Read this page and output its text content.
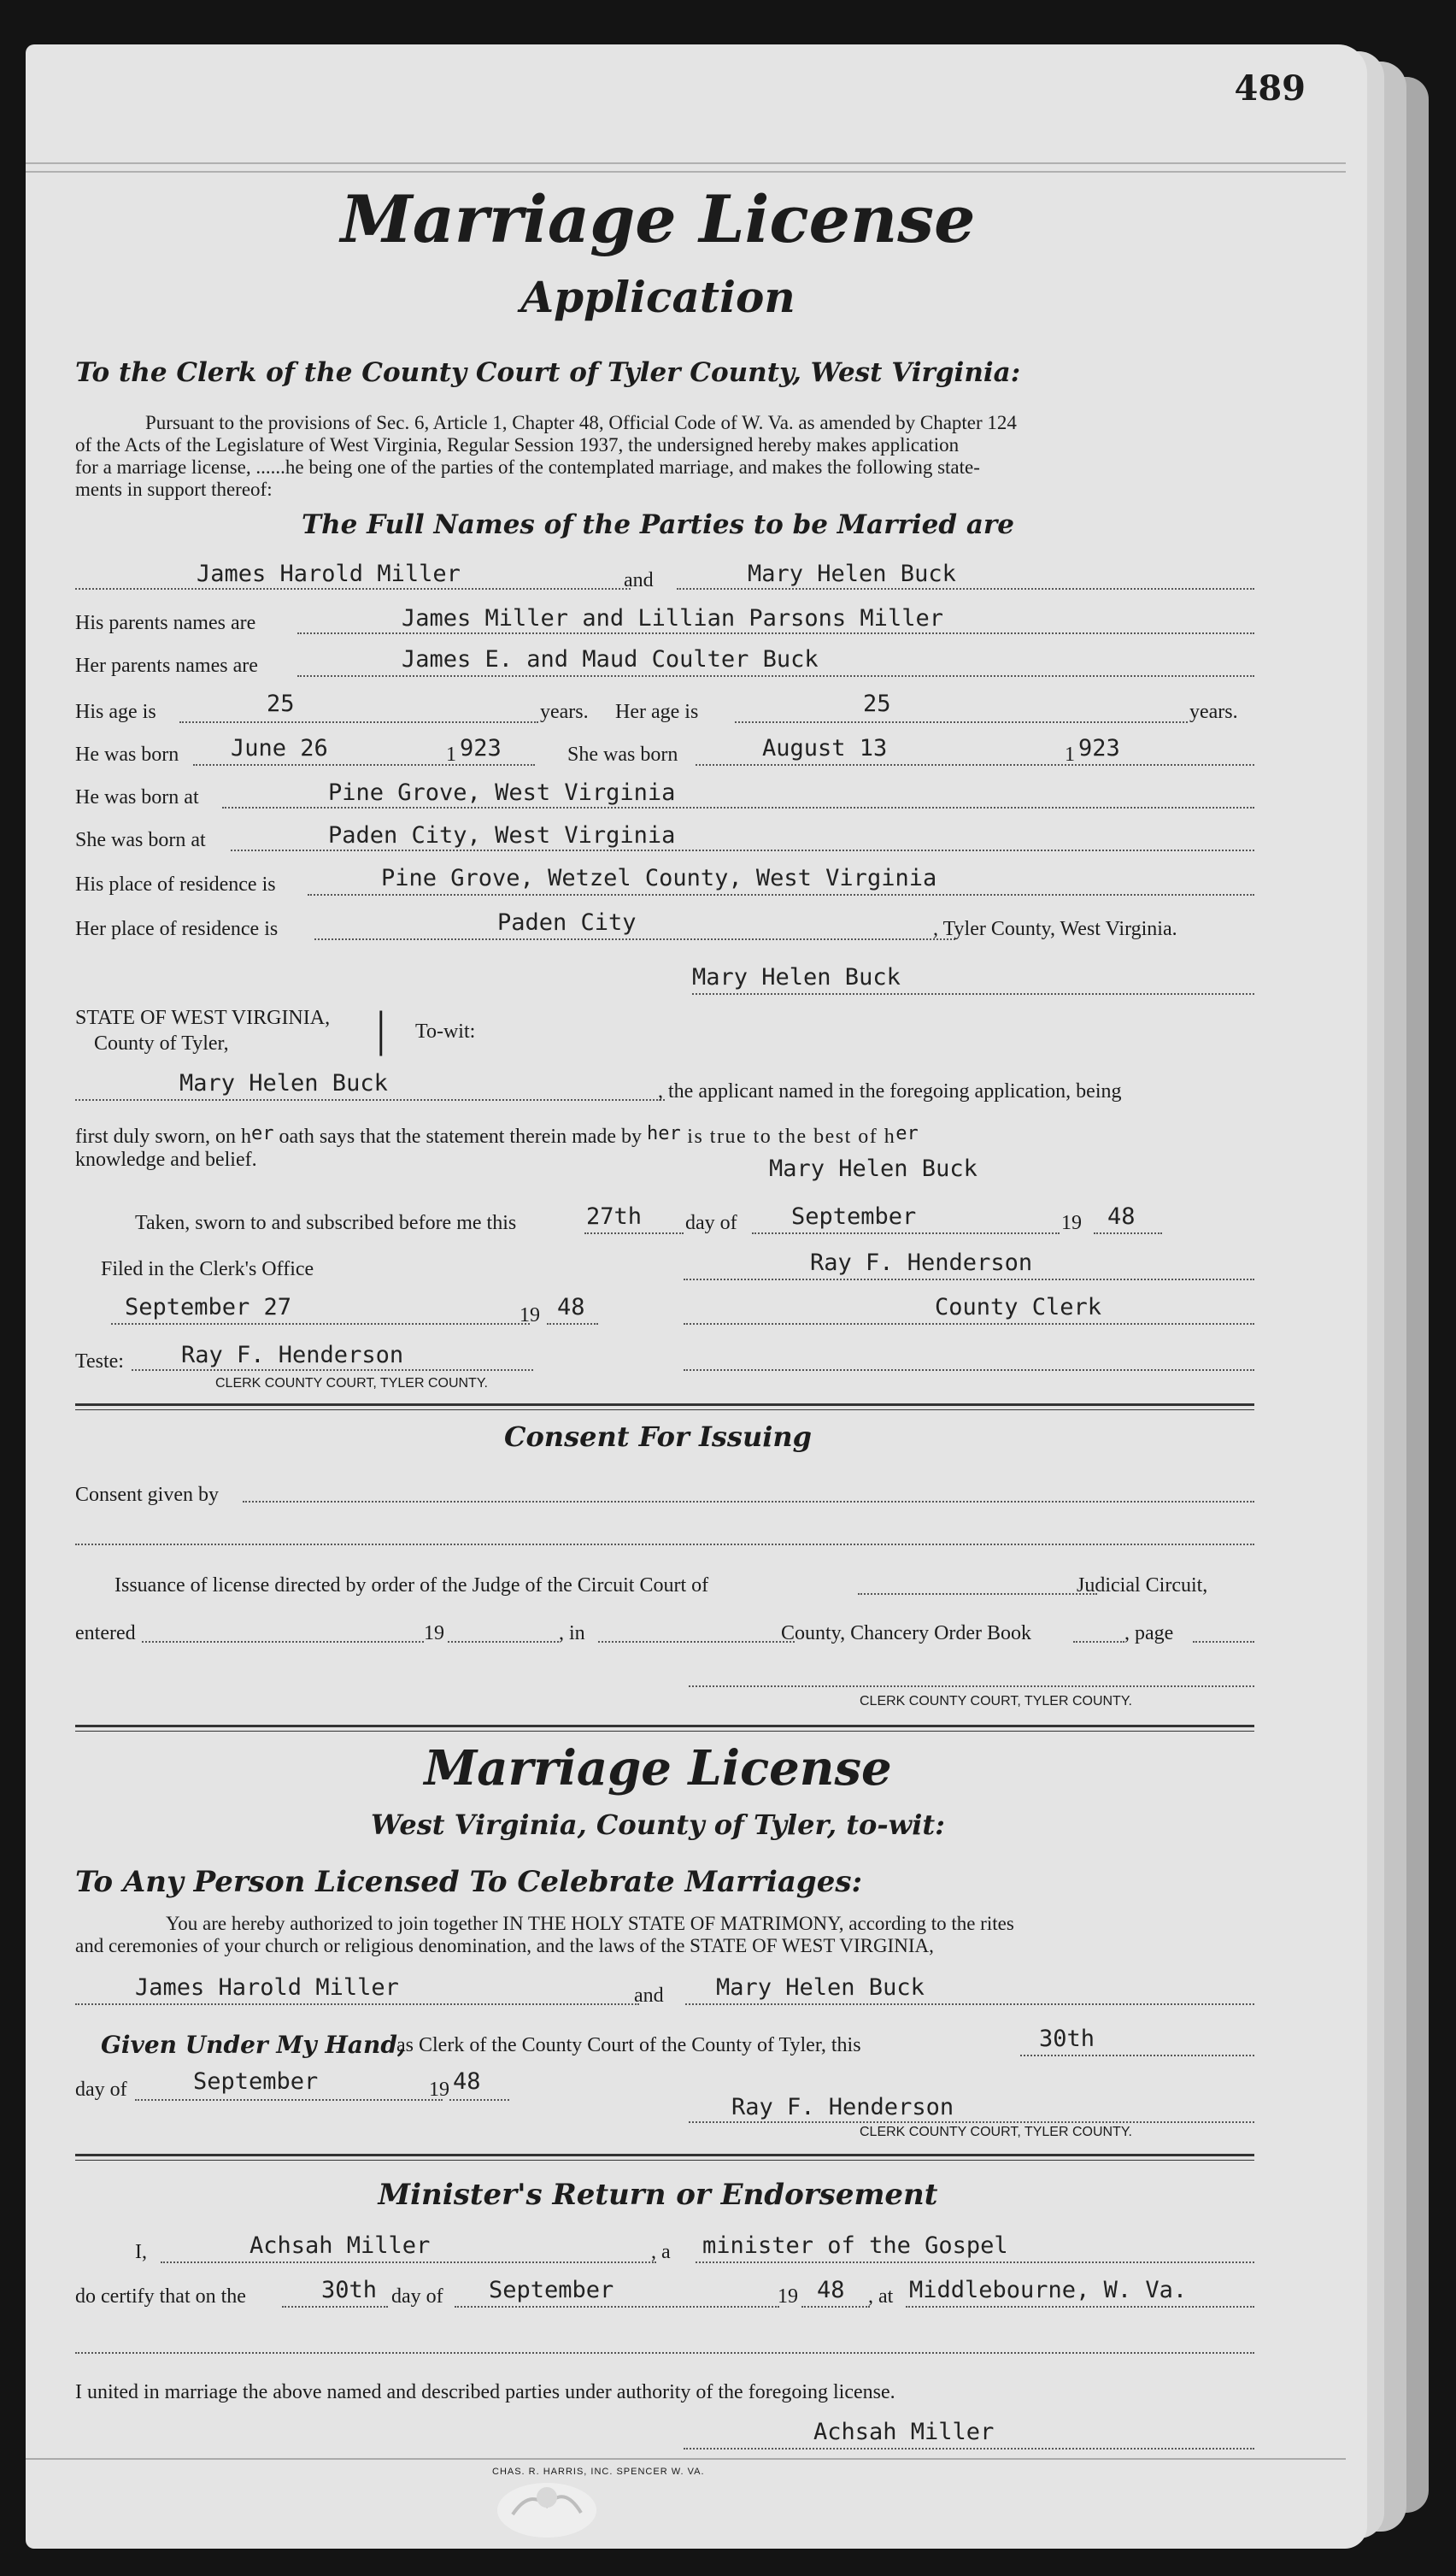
489
Marriage License
Application
To the Clerk of the County Court of Tyler County, West Virginia:
Pursuant to the provisions of Sec. 6, Article 1, Chapter 48, Official Code of W. Va. as amended by Chapter 124
of the Acts of the Legislature of West Virginia, Regular Session 1937, the undersigned hereby makes application
for a marriage license, ......he being one of the parties of the contemplated marriage, and makes the following state-
ments in support thereof:
The Full Names of the Parties to be Married are
James Harold Miller	and	Mary Helen Buck
His parents names are	James Miller and Lillian Parsons Miller
Her parents names are	James E. and Maud Coulter Buck
His age is	25	years. Her age is	25	years.
He was born June 26	1 923	She was born	August 13	1 923
He was born at	Pine Grove, West Virginia
She was born at	Paden City, West Virginia
His place of residence is	Pine Grove, Wetzel County, West Virginia
Her place of residence is	Paden City	, Tyler County, West Virginia.
Mary Helen Buck
STATE OF WEST VIRGINIA,
County of Tyler,	| To-wit:
Mary Helen Buck	, the applicant named in the foregoing application, being
first duly sworn, on her oath says that the statement therein made by her is true to the best of her
knowledge and belief.	Mary Helen Buck
Taken, sworn to and subscribed before me this	27th day of September	19 48
Filed in the Clerk's Office	Ray F. Henderson
September 27	19 48	County Clerk
Teste: Ray F. Henderson
CLERK COUNTY COURT, TYLER COUNTY.
Consent For Issuing
Consent given by
Issuance of license directed by order of the Judge of the Circuit Court of	Judicial Circuit,
entered	19	, in	County, Chancery Order Book	, page
CLERK COUNTY COURT, TYLER COUNTY.
Marriage License
West Virginia, County of Tyler, to-wit:
To Any Person Licensed To Celebrate Marriages:
You are hereby authorized to join together IN THE HOLY STATE OF MATRIMONY, according to the rites
and ceremonies of your church or religious denomination, and the laws of the STATE OF WEST VIRGINIA,
James Harold Miller	and Mary Helen Buck
Given Under My Hand,
as Clerk of the County Court of the County of Tyler, this	30th
day of	September	19 48
Ray F. Henderson
CLERK COUNTY COURT, TYLER COUNTY.
Minister's Return or Endorsement
I,	Achsah Miller	, a minister of the Gospel
do certify that on the	30th day of September	19 48 , at Middlebourne, W. Va.
I united in marriage the above named and described parties under authority of the foregoing license.
Achsah Miller
CHAS. R. HARRIS, INC. SPENCER W. VA.
